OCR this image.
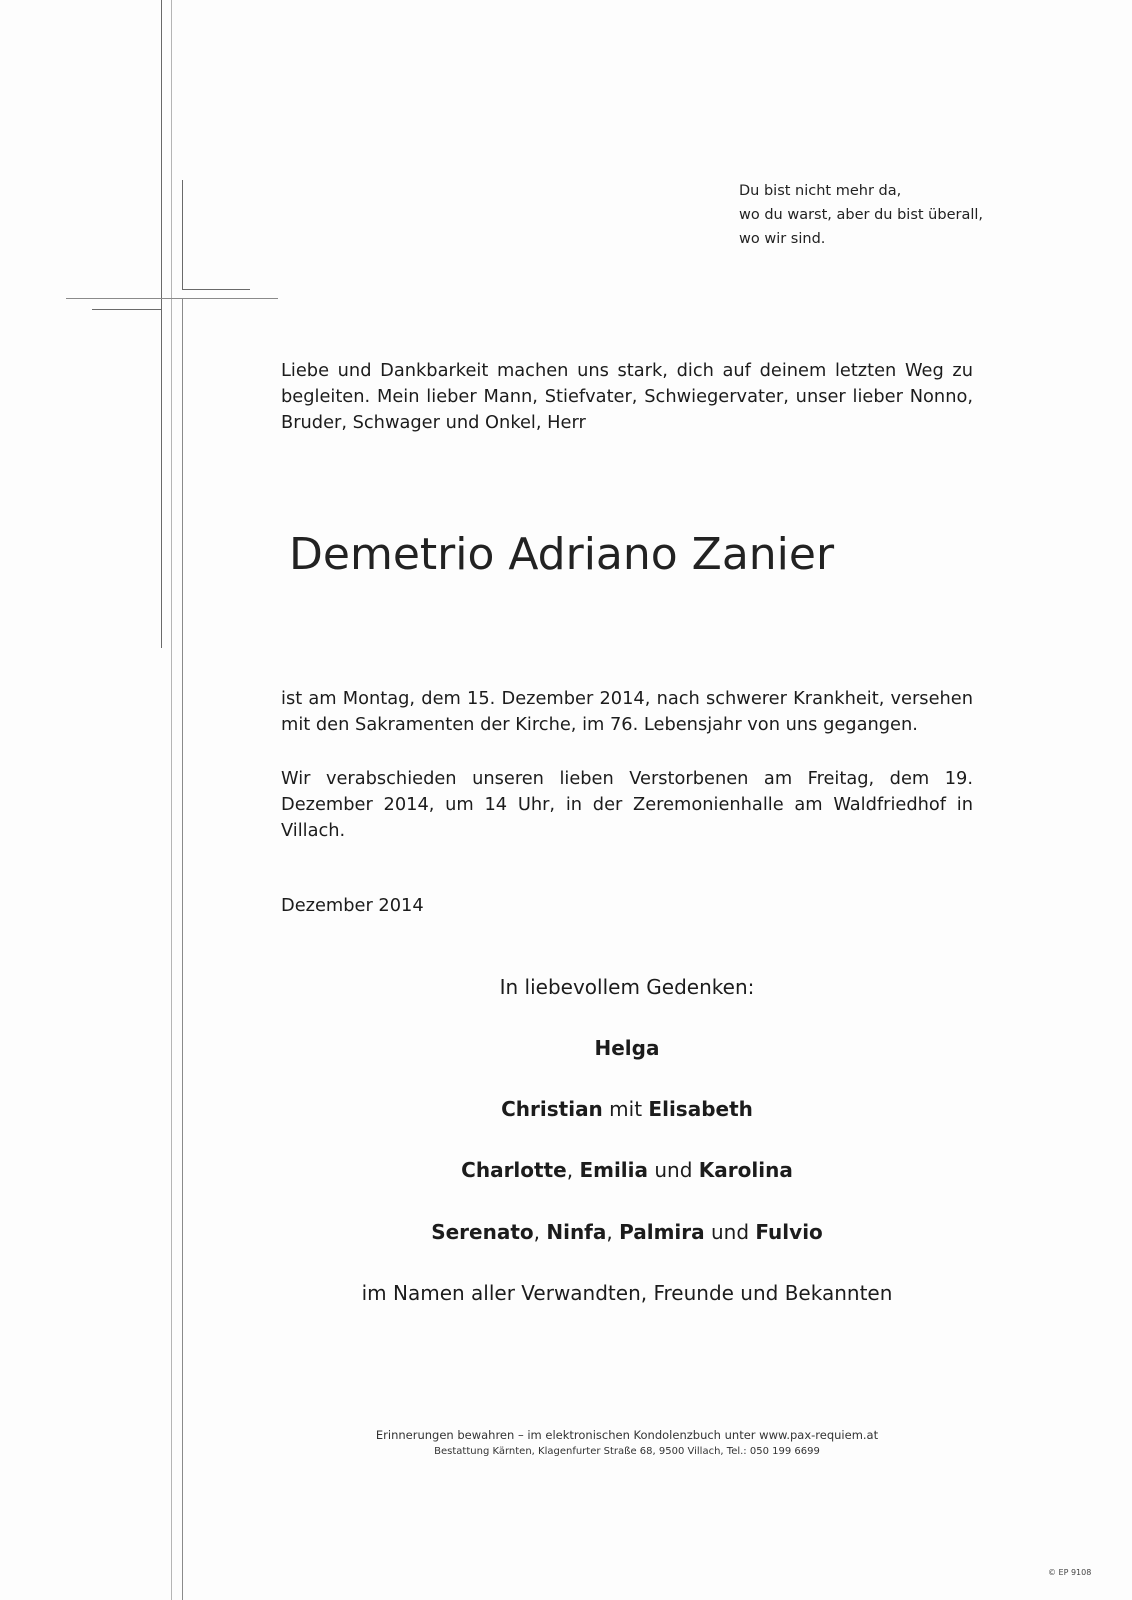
Du bist nicht mehr da,
wo du warst, aber du bist überall,
wo wir sind.

Liebe und Dankbarkeit machen uns stark, dich auf deinem letzten Weg zu begleiten. Mein lieber Mann, Stiefvater, Schwiegervater, unser lieber Nonno, Bruder, Schwager und Onkel, Herr

Demetrio Adriano Zanier

ist am Montag, dem 15. Dezember 2014, nach schwerer Krankheit, versehen mit den Sakramenten der Kirche, im 76. Lebensjahr von uns gegangen.

Wir verabschieden unseren lieben Verstorbenen am Freitag, dem 19. Dezember 2014, um 14 Uhr, in der Zeremonienhalle am Waldfriedhof in Villach.

Dezember 2014

In liebevollem Gedenken:

Helga

Christian mit Elisabeth

Charlotte, Emilia und Karolina

Serenato, Ninfa, Palmira und Fulvio

im Namen aller Verwandten, Freunde und Bekannten

Erinnerungen bewahren – im elektronischen Kondolenzbuch unter www.pax-requiem.at

Bestattung Kärnten, Klagenfurter Straße 68, 9500 Villach, Tel.: 050 199 6699

© EP 9108
